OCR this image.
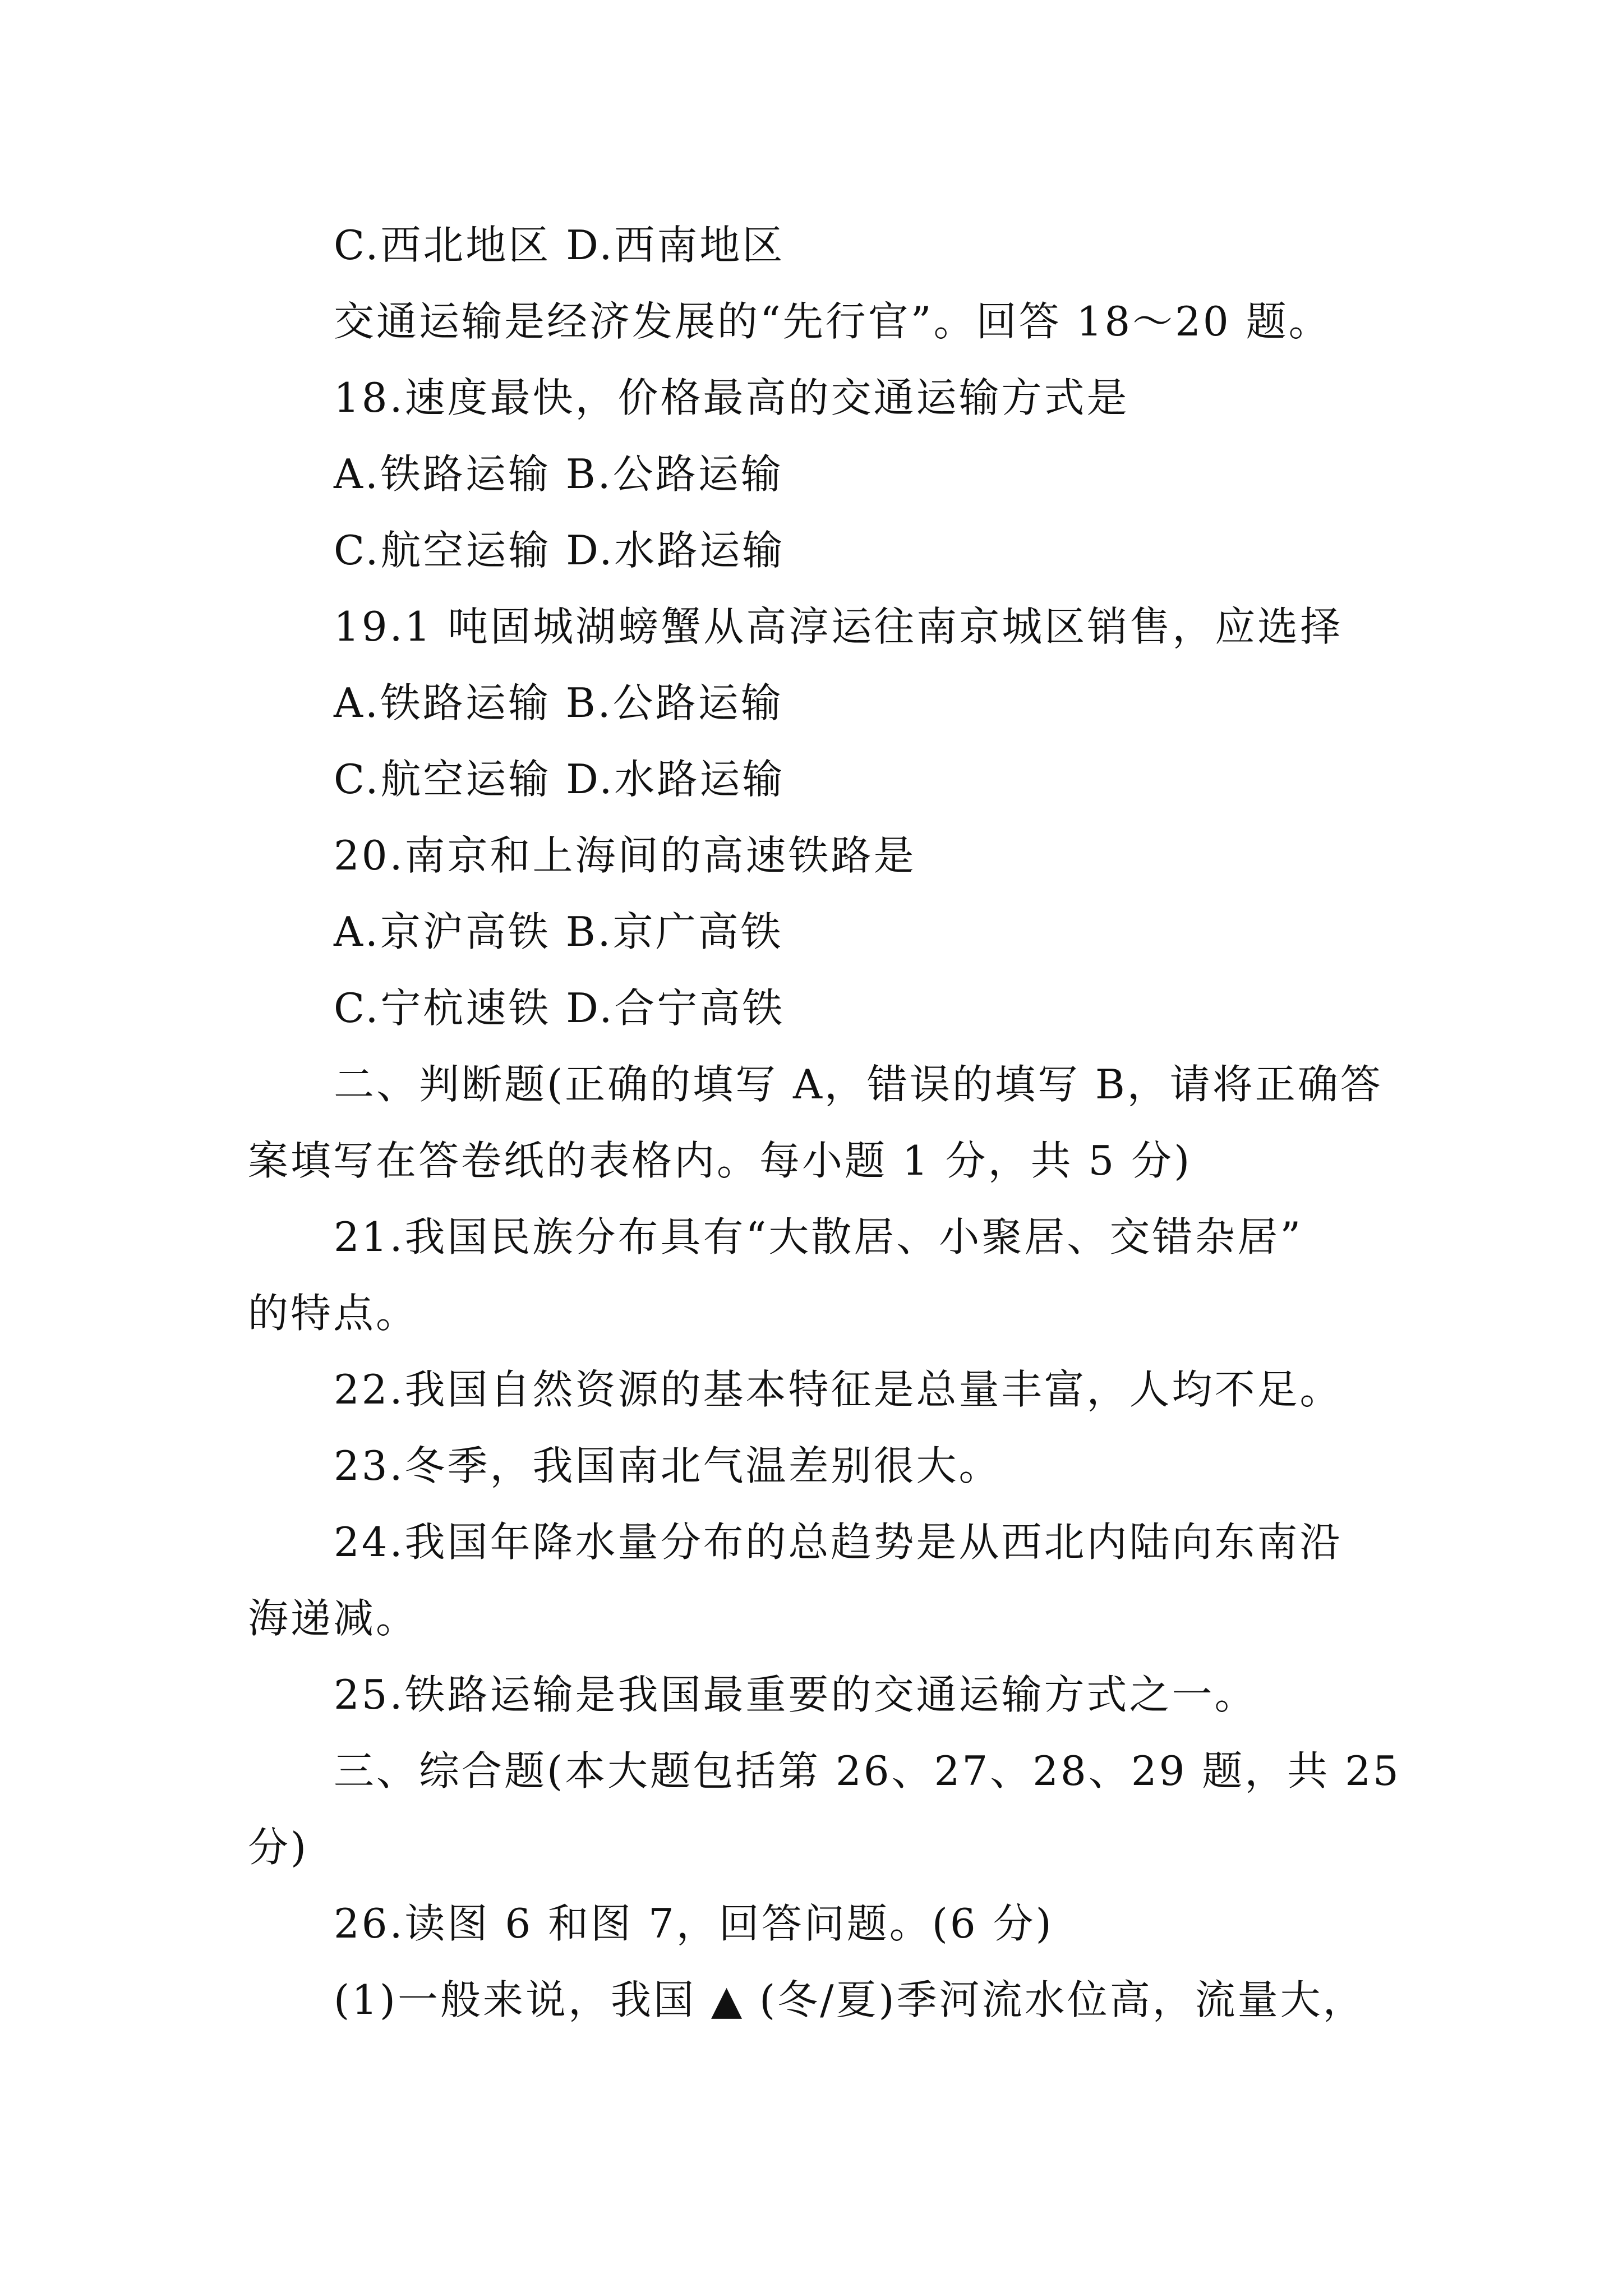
C.西北地区 D.西南地区
交通运输是经济发展的“先行官”。回答 18～20 题。
18.速度最快，价格最高的交通运输方式是
A.铁路运输 B.公路运输
C.航空运输 D.水路运输
19.1 吨固城湖螃蟹从高淳运往南京城区销售，应选择
A.铁路运输 B.公路运输
C.航空运输 D.水路运输
20.南京和上海间的高速铁路是
A.京沪高铁 B.京广高铁
C.宁杭速铁 D.合宁高铁
二、判断题(正确的填写 A，错误的填写 B，请将正确答
案填写在答卷纸的表格内。每小题 1 分，共 5 分)
21.我国民族分布具有“大散居、小聚居、交错杂居”
的特点。
22.我国自然资源的基本特征是总量丰富，人均不足。
23.冬季，我国南北气温差别很大。
24.我国年降水量分布的总趋势是从西北内陆向东南沿
海递减。
25.铁路运输是我国最重要的交通运输方式之一。
三、综合题(本大题包括第 26、27、28、29 题，共 25
分)
26.读图 6 和图 7，回答问题。(6 分)
(1)一般来说，我国 ▲ (冬/夏)季河流水位高，流量大，
